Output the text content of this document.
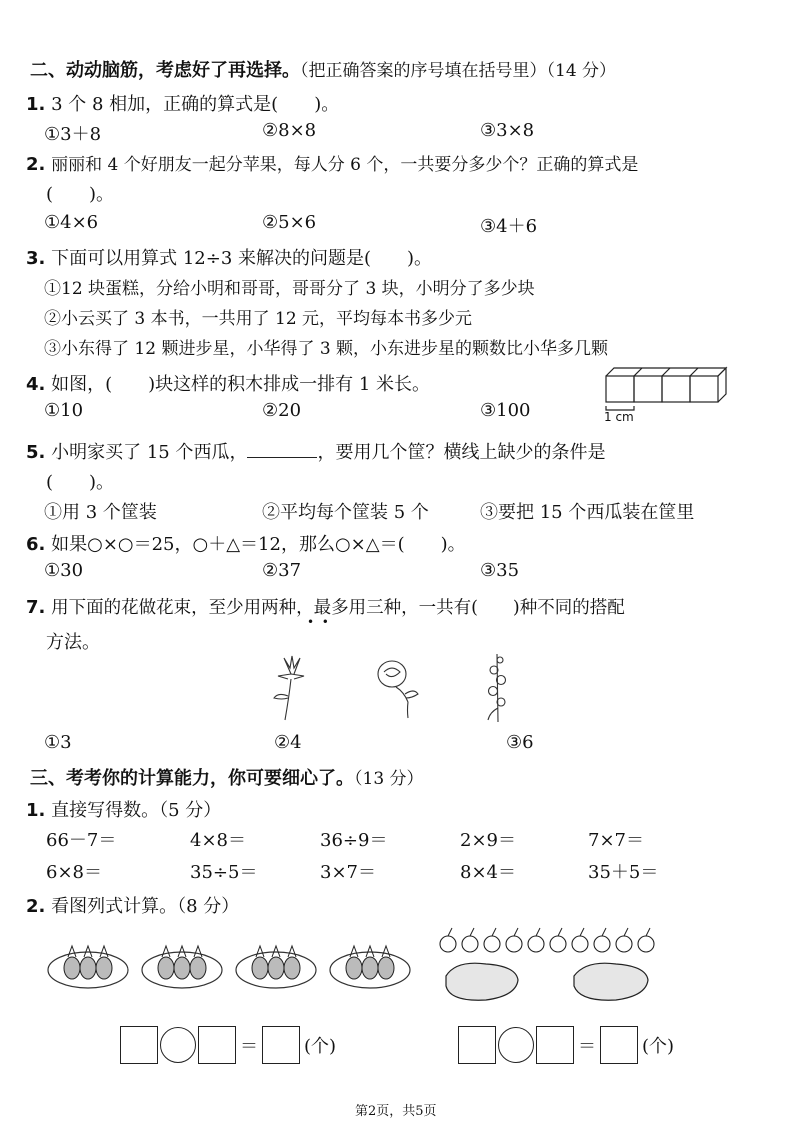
二、动动脑筋，考虑好了再选择。（把正确答案的序号填在括号里）（14 分）
1. 3 个 8 相加，正确的算式是(　　)。
①3＋8	②8×8	③3×8
2. 丽丽和 4 个好朋友一起分苹果，每人分 6 个，一共要分多少个？正确的算式是
(　　)。
①4×6	②5×6	③4＋6
3. 下面可以用算式 12÷3 来解决的问题是(　　)。
①12 块蛋糕，分给小明和哥哥，哥哥分了 3 块，小明分了多少块
②小云买了 3 本书，一共用了 12 元，平均每本书多少元
③小东得了 12 颗进步星，小华得了 3 颗，小东进步星的颗数比小华多几颗
4. 如图，(　　)块这样的积木排成一排有 1 米长。
①10	②20	③100	1 cm
5. 小明家买了 15 个西瓜，	，要用几个筐？横线上缺少的条件是
(　　)。
①用 3 个筐装	②平均每个筐装 5 个	③要把 15 个西瓜装在筐里
6. 如果○×○＝25，○＋△＝12，那么○×△＝(　　)。
①30	②37	③35
7. 用下面的花做花束，至少用两种，最多用三种，一共有(　　)种不同的搭配
•  •
方法。
①3	②4	③6
三、考考你的计算能力，你可要细心了。（13 分）
1. 直接写得数。（5 分）
66－7＝	4×8＝	36÷9＝	2×9＝	7×7＝
6×8＝	35÷5＝	3×7＝	8×4＝	35＋5＝
2. 看图列式计算。（8 分）
＝	(个)	＝	(个)
第2页，共5页
